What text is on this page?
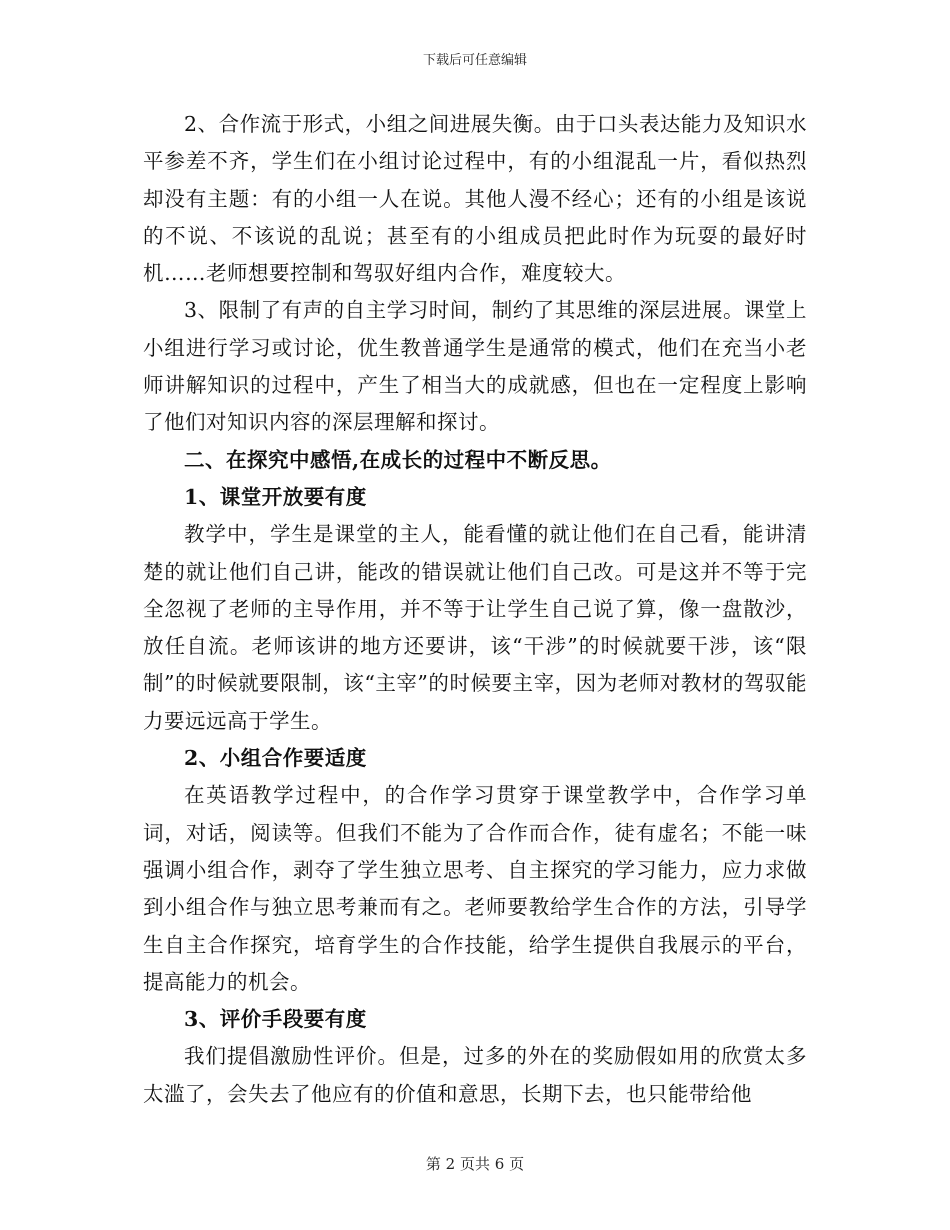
下载后可任意编辑

2、合作流于形式，小组之间进展失衡。由于口头表达能力及知识水平参差不齐，学生们在小组讨论过程中，有的小组混乱一片，看似热烈却没有主题：有的小组一人在说。其他人漫不经心；还有的小组是该说的不说、不该说的乱说；甚至有的小组成员把此时作为玩耍的最好时机……老师想要控制和驾驭好组内合作，难度较大。

3、限制了有声的自主学习时间，制约了其思维的深层进展。课堂上小组进行学习或讨论，优生教普通学生是通常的模式，他们在充当小老师讲解知识的过程中，产生了相当大的成就感，但也在一定程度上影响了他们对知识内容的深层理解和探讨。

二、在探究中感悟,在成长的过程中不断反思。

1、课堂开放要有度

教学中，学生是课堂的主人，能看懂的就让他们在自己看，能讲清楚的就让他们自己讲，能改的错误就让他们自己改。可是这并不等于完全忽视了老师的主导作用，并不等于让学生自己说了算，像一盘散沙，放任自流。老师该讲的地方还要讲，该“干涉”的时候就要干涉，该“限制”的时候就要限制，该“主宰”的时候要主宰，因为老师对教材的驾驭能力要远远高于学生。

2、小组合作要适度

在英语教学过程中，的合作学习贯穿于课堂教学中，合作学习单词，对话，阅读等。但我们不能为了合作而合作，徒有虚名；不能一味强调小组合作，剥夺了学生独立思考、自主探究的学习能力，应力求做到小组合作与独立思考兼而有之。老师要教给学生合作的方法，引导学生自主合作探究，培育学生的合作技能，给学生提供自我展示的平台，提高能力的机会。

3、评价手段要有度

我们提倡激励性评价。但是，过多的外在的奖励假如用的欣赏太多太滥了，会失去了他应有的价值和意思，长期下去，也只能带给他

第 2 页共 6 页
